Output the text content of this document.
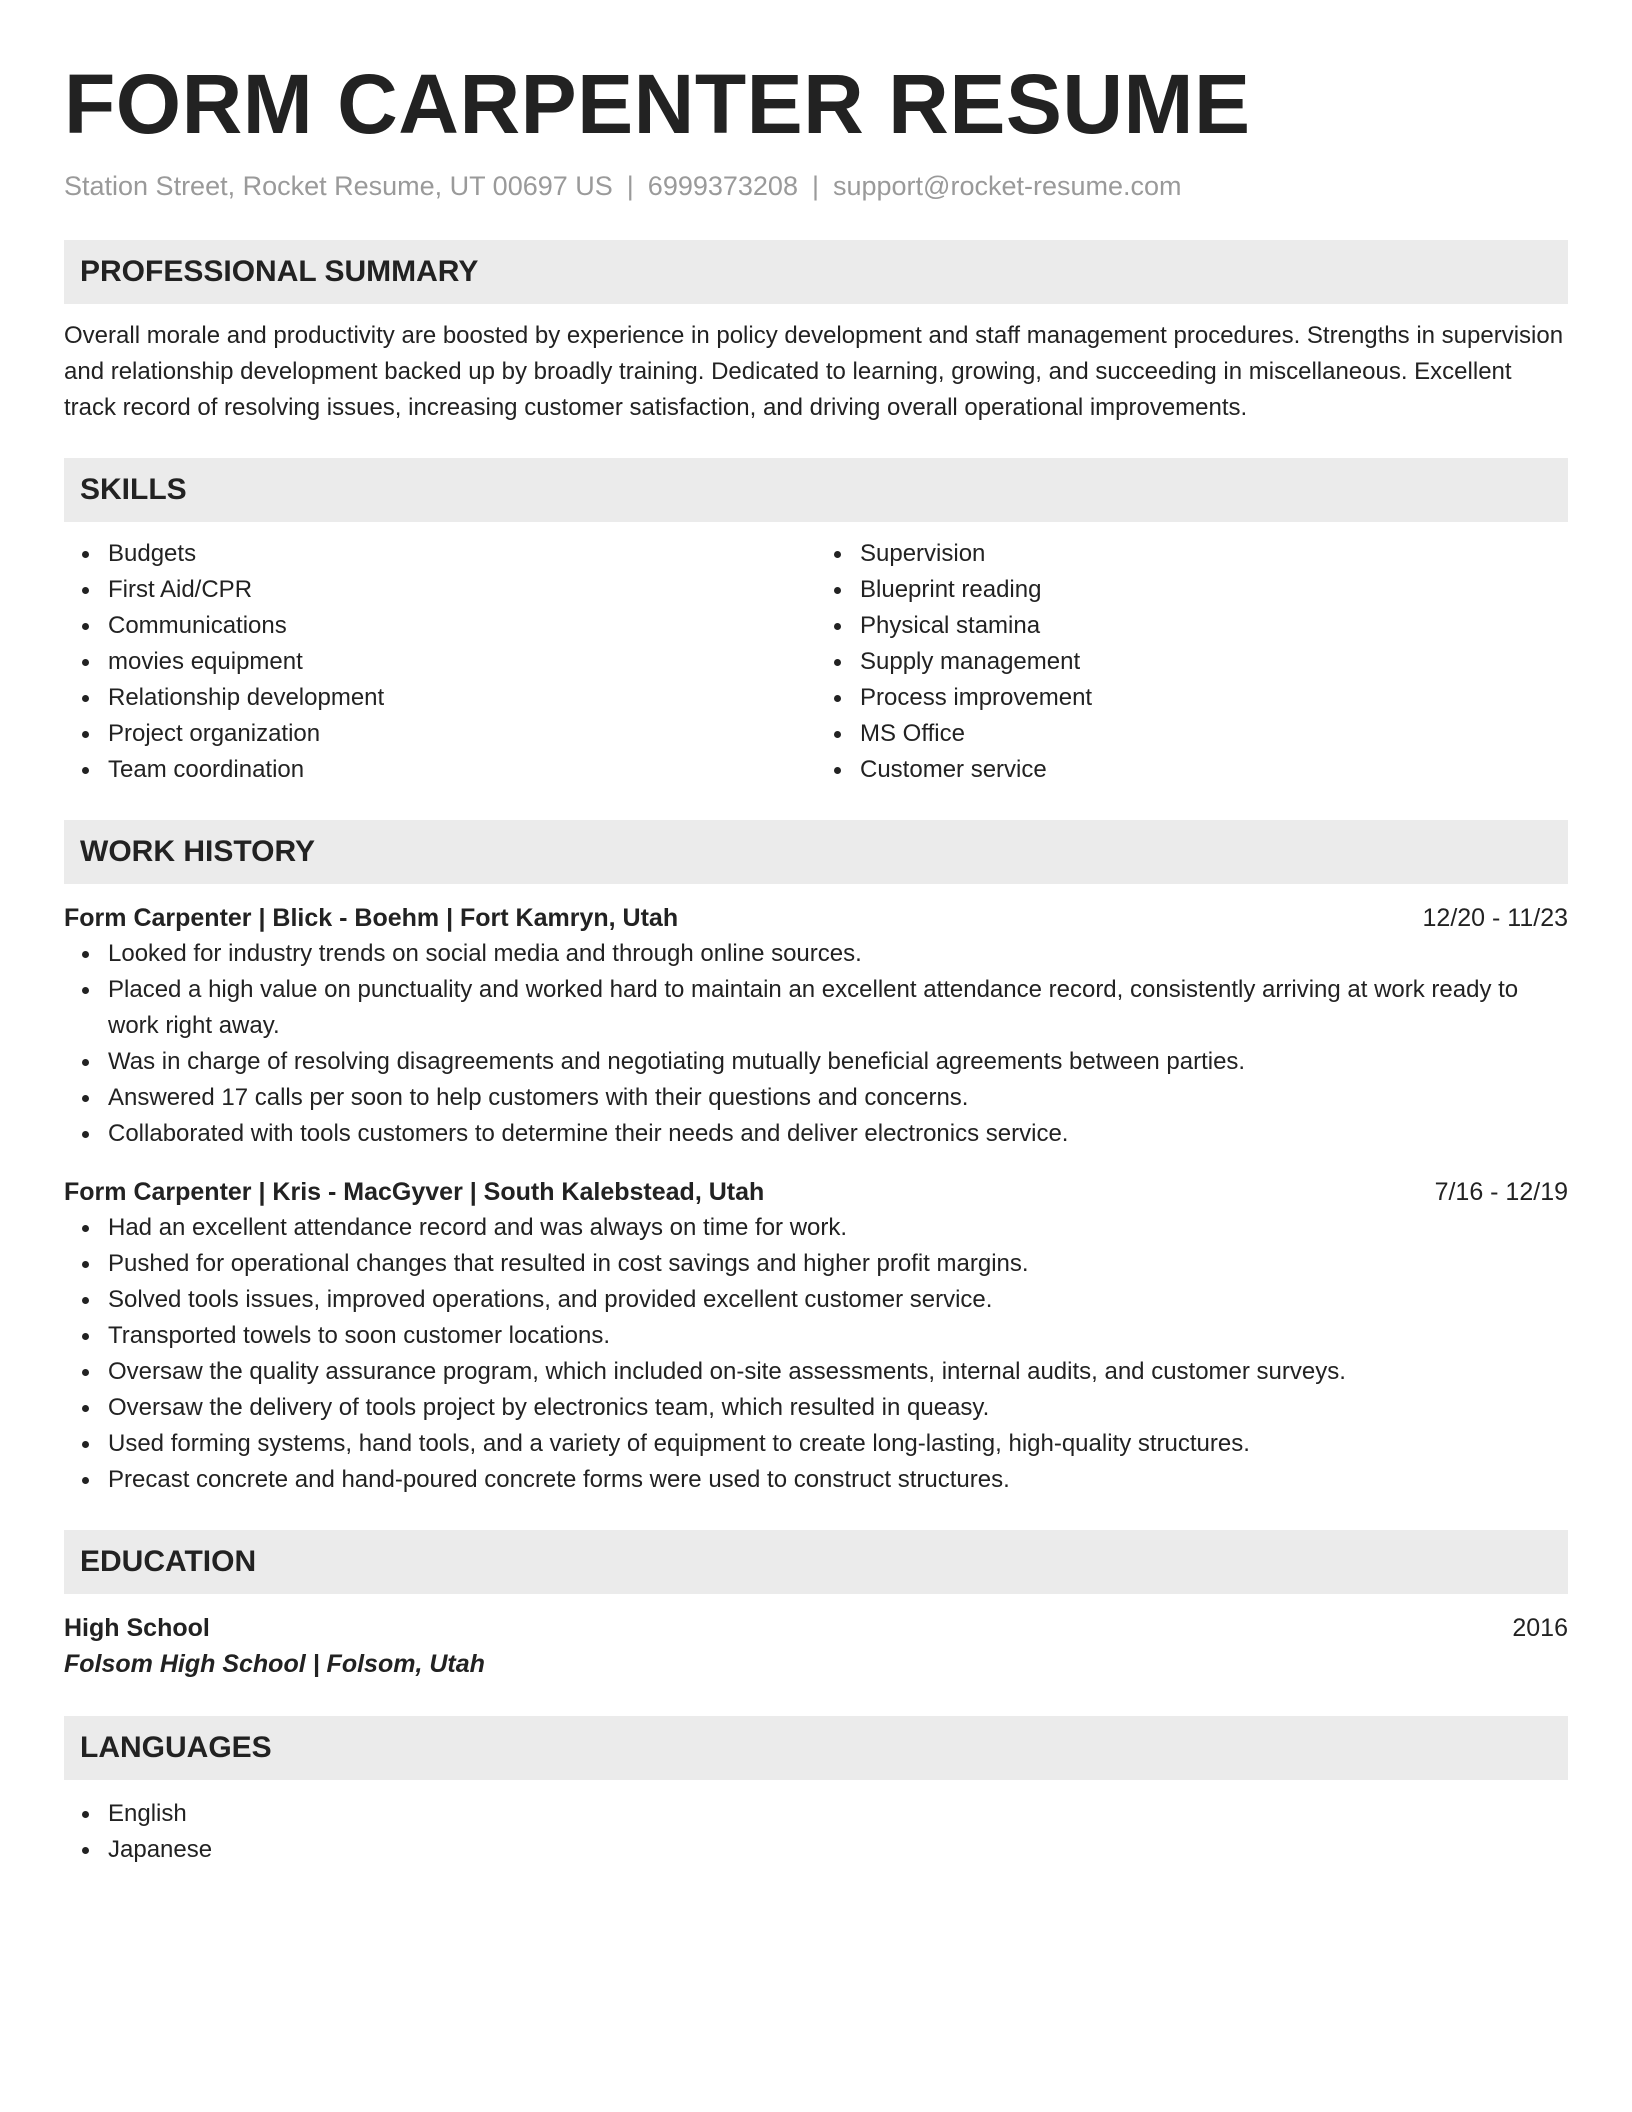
FORM CARPENTER RESUME
Station Street, Rocket Resume, UT 00697 US | 6999373208 | support@rocket-resume.com
PROFESSIONAL SUMMARY
Overall morale and productivity are boosted by experience in policy development and staff management procedures. Strengths in supervision and relationship development backed up by broadly training. Dedicated to learning, growing, and succeeding in miscellaneous. Excellent track record of resolving issues, increasing customer satisfaction, and driving overall operational improvements.
SKILLS
Budgets
First Aid/CPR
Communications
movies equipment
Relationship development
Project organization
Team coordination
Supervision
Blueprint reading
Physical stamina
Supply management
Process improvement
MS Office
Customer service
WORK HISTORY
Form Carpenter | Blick - Boehm | Fort Kamryn, Utah	12/20 - 11/23
Looked for industry trends on social media and through online sources.
Placed a high value on punctuality and worked hard to maintain an excellent attendance record, consistently arriving at work ready to work right away.
Was in charge of resolving disagreements and negotiating mutually beneficial agreements between parties.
Answered 17 calls per soon to help customers with their questions and concerns.
Collaborated with tools customers to determine their needs and deliver electronics service.
Form Carpenter | Kris - MacGyver | South Kalebstead, Utah	7/16 - 12/19
Had an excellent attendance record and was always on time for work.
Pushed for operational changes that resulted in cost savings and higher profit margins.
Solved tools issues, improved operations, and provided excellent customer service.
Transported towels to soon customer locations.
Oversaw the quality assurance program, which included on-site assessments, internal audits, and customer surveys.
Oversaw the delivery of tools project by electronics team, which resulted in queasy.
Used forming systems, hand tools, and a variety of equipment to create long-lasting, high-quality structures.
Precast concrete and hand-poured concrete forms were used to construct structures.
EDUCATION
High School	2016
Folsom High School | Folsom, Utah
LANGUAGES
English
Japanese
